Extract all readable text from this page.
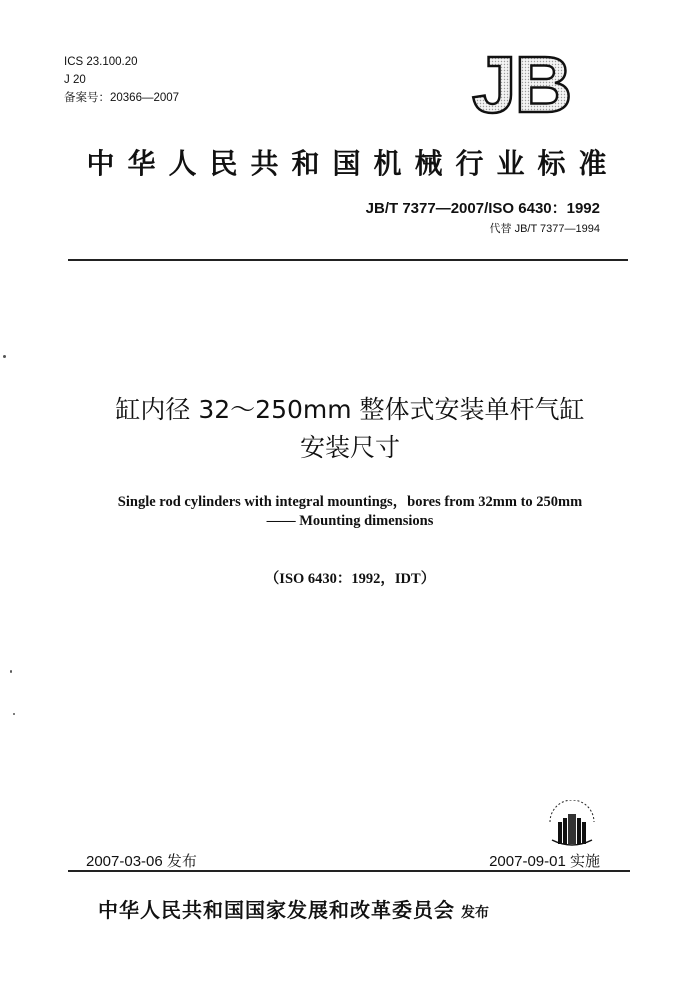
ICS 23.100.20
J 20
备案号：20366—2007	JB
中华人民共和国机械行业标准
JB/T 7377—2007/ISO 6430：1992
代替 JB/T 7377—1994
缸内径 32～250mm 整体式安装单杆气缸
安装尺寸
Single rod cylinders with integral mountings，bores from 32mm to 250mm
—— Mounting dimensions
（ISO 6430：1992，IDT）
2007-03-06 发布	2007-09-01 实施
中华人民共和国国家发展和改革委员会 发布
